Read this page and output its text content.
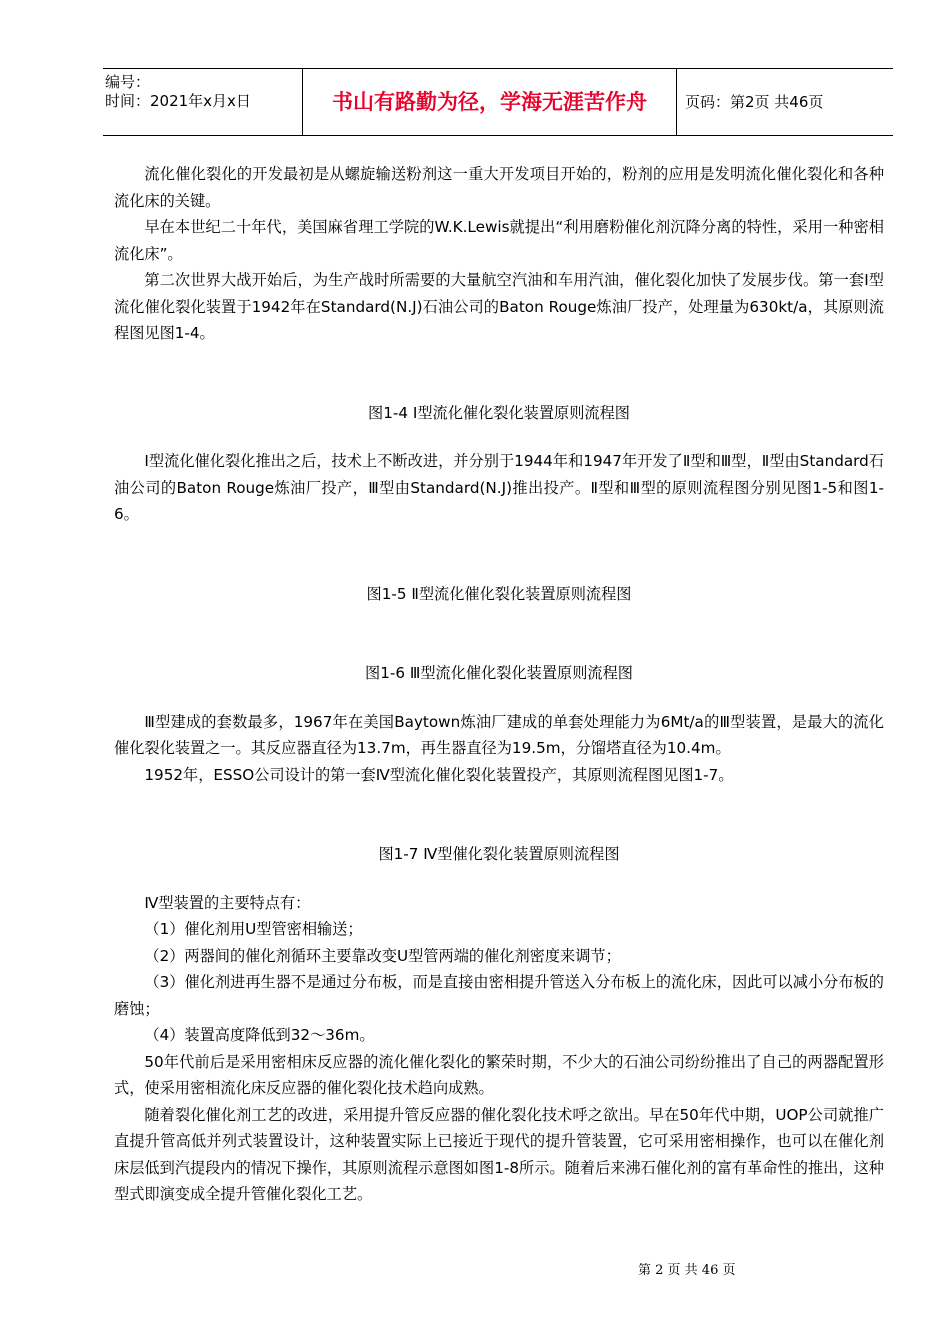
编号：
时间：2021年x月x日	书山有路勤为径，学海无涯苦作舟	页码：第2页 共46页

流化催化裂化的开发最初是从螺旋输送粉剂这一重大开发项目开始的，粉剂的应用是发明流化催化裂化和各种流化床的关键。

早在本世纪二十年代，美国麻省理工学院的W.K.Lewis就提出“利用磨粉催化剂沉降分离的特性，采用一种密相流化床”。

第二次世界大战开始后，为生产战时所需要的大量航空汽油和车用汽油，催化裂化加快了发展步伐。第一套Ⅰ型流化催化裂化装置于1942年在Standard(N.J)石油公司的Baton Rouge炼油厂投产，处理量为630kt/a，其原则流程图见图1-4。

图1-4 Ⅰ型流化催化裂化装置原则流程图

Ⅰ型流化催化裂化推出之后，技术上不断改进，并分别于1944年和1947年开发了Ⅱ型和Ⅲ型，Ⅱ型由Standard石油公司的Baton Rouge炼油厂投产，Ⅲ型由Standard(N.J)推出投产。Ⅱ型和Ⅲ型的原则流程图分别见图1-5和图1-6。

图1-5 Ⅱ型流化催化裂化装置原则流程图

图1-6 Ⅲ型流化催化裂化装置原则流程图

Ⅲ型建成的套数最多，1967年在美国Baytown炼油厂建成的单套处理能力为6Mt/a的Ⅲ型装置，是最大的流化催化裂化装置之一。其反应器直径为13.7m，再生器直径为19.5m，分馏塔直径为10.4m。

1952年，ESSO公司设计的第一套Ⅳ型流化催化裂化装置投产，其原则流程图见图1-7。

图1-7 Ⅳ型催化裂化装置原则流程图

Ⅳ型装置的主要特点有：

（1）催化剂用U型管密相输送；

（2）两器间的催化剂循环主要靠改变U型管两端的催化剂密度来调节；

（3）催化剂进再生器不是通过分布板，而是直接由密相提升管送入分布板上的流化床，因此可以减小分布板的磨蚀；

（4）装置高度降低到32～36m。

50年代前后是采用密相床反应器的流化催化裂化的繁荣时期，不少大的石油公司纷纷推出了自己的两器配置形式，使采用密相流化床反应器的催化裂化技术趋向成熟。

随着裂化催化剂工艺的改进，采用提升管反应器的催化裂化技术呼之欲出。早在50年代中期，UOP公司就推广直提升管高低并列式装置设计，这种装置实际上已接近于现代的提升管装置，它可采用密相操作，也可以在催化剂床层低到汽提段内的情况下操作，其原则流程示意图如图1-8所示。随着后来沸石催化剂的富有革命性的推出，这种型式即演变成全提升管催化裂化工艺。

第 2 页 共 46 页
